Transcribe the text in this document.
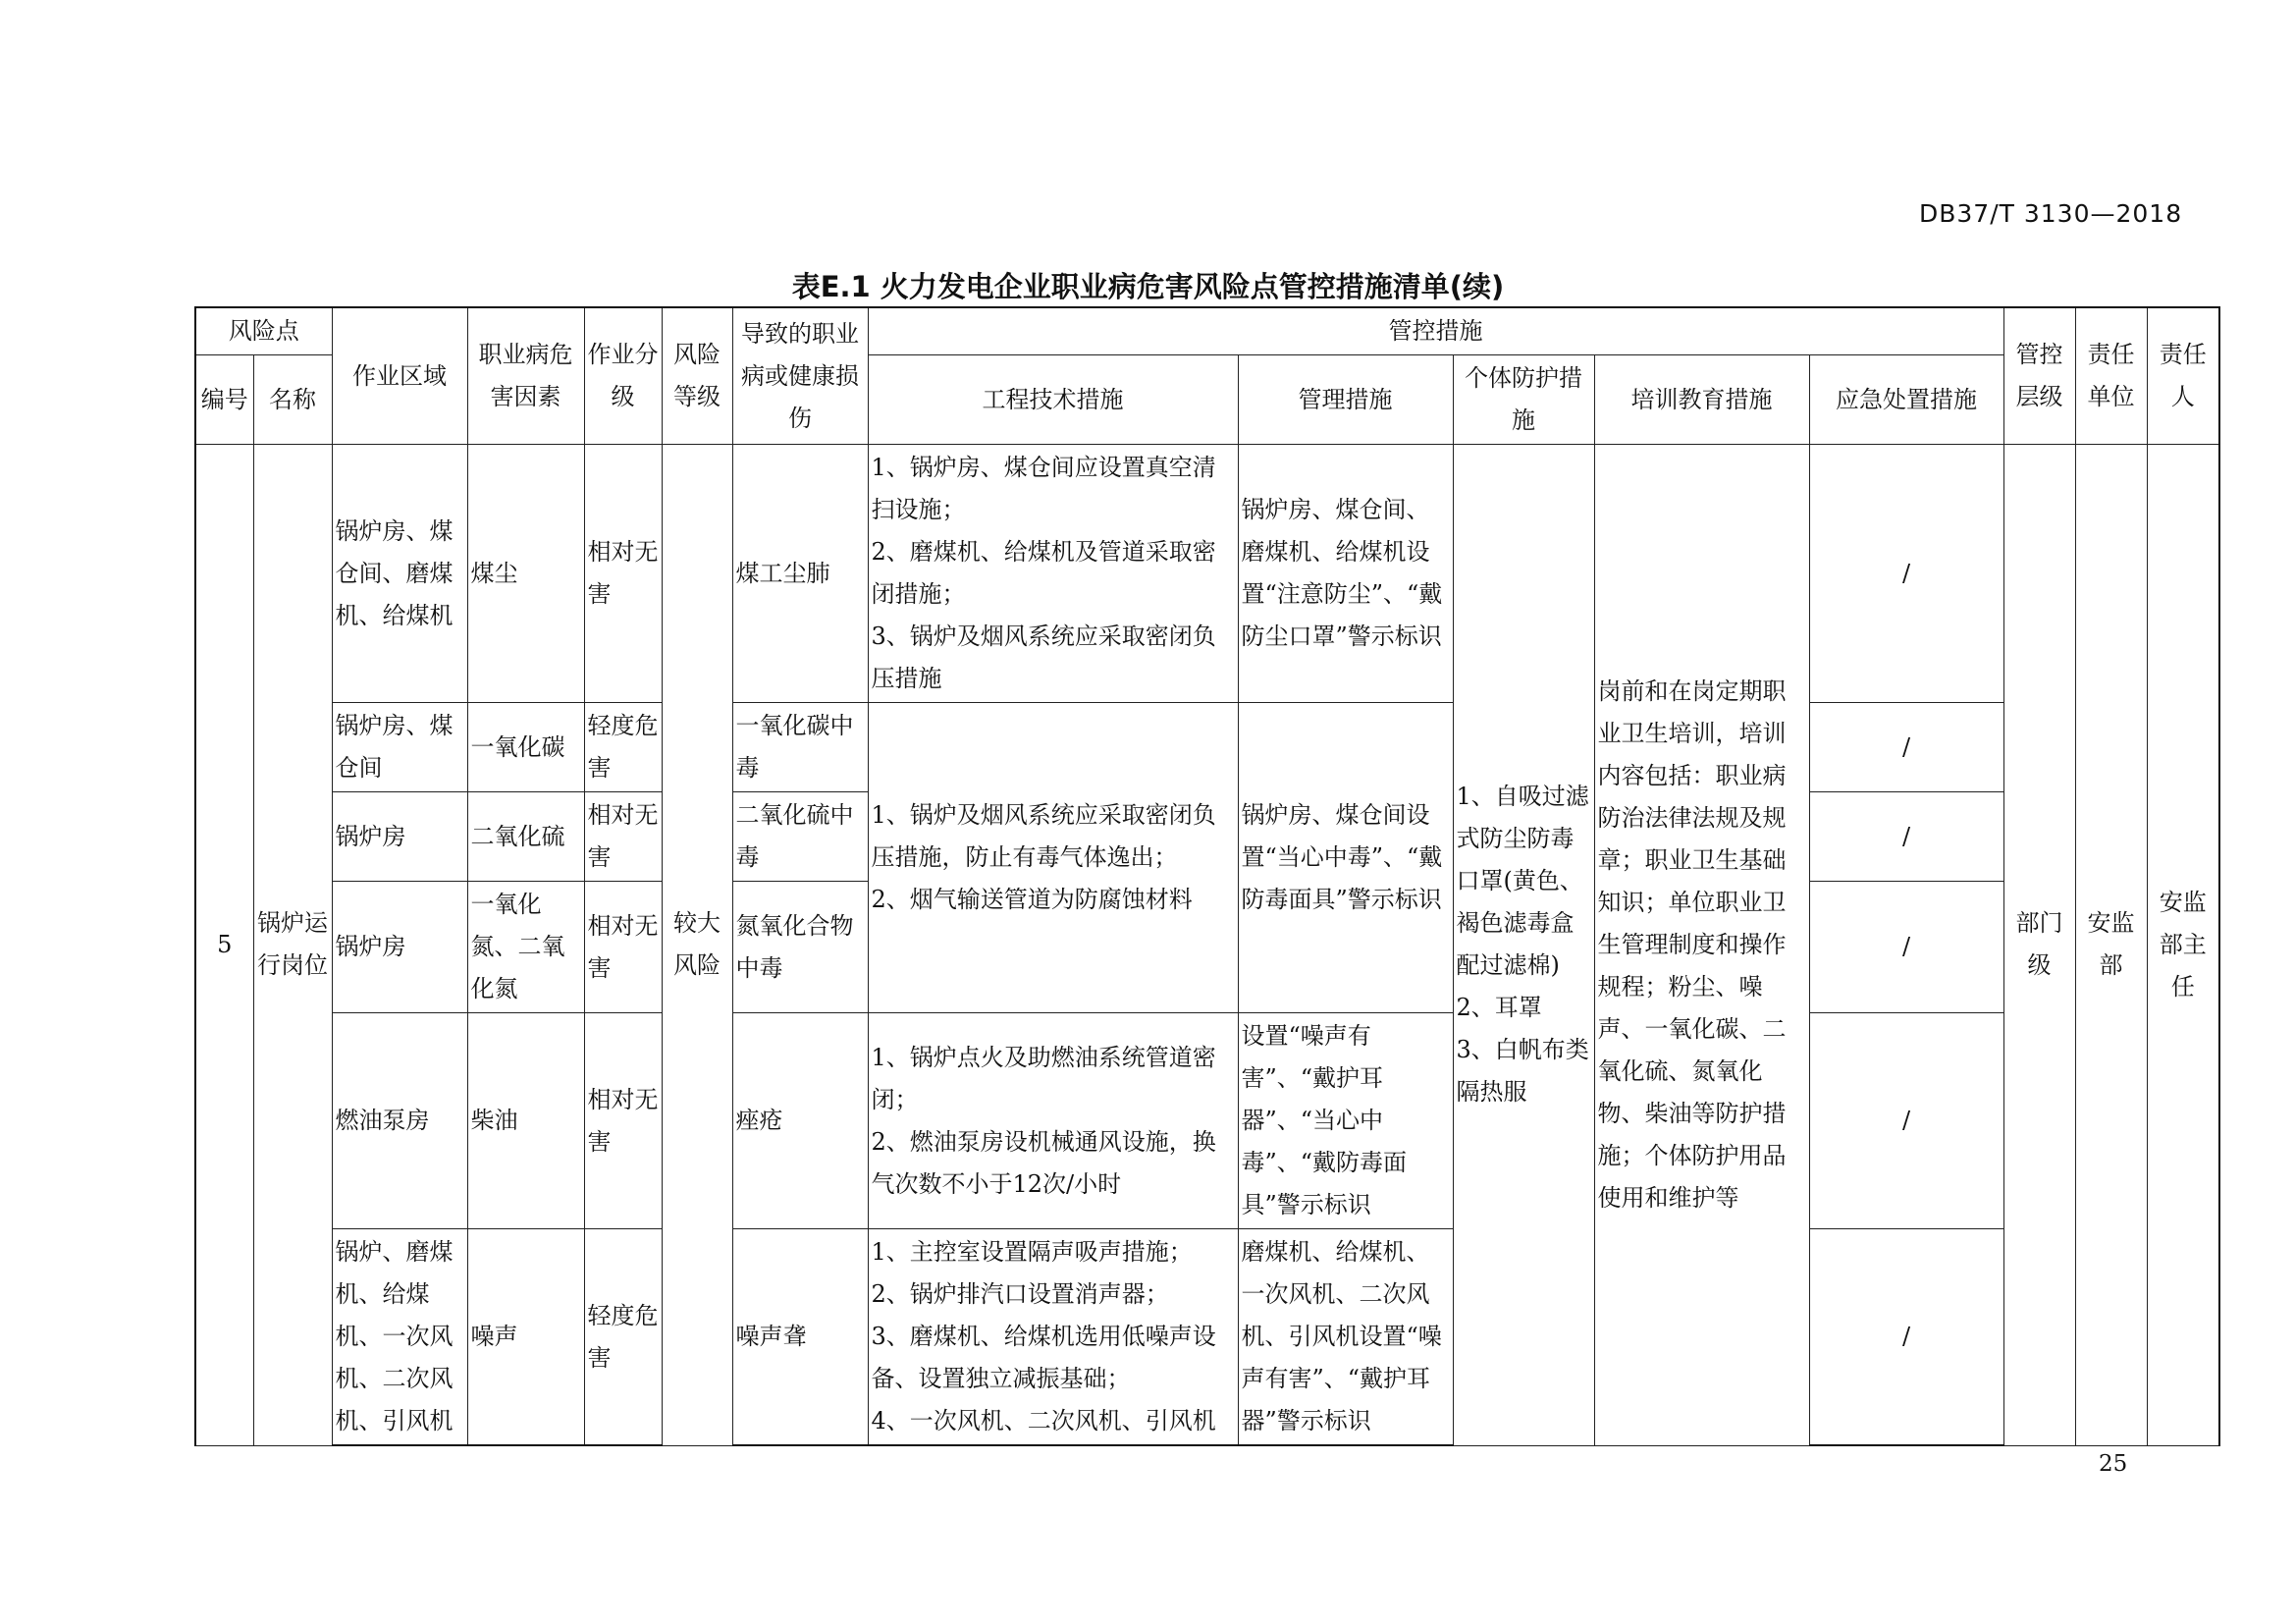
DB37/T 3130—2018
表E.1 火力发电企业职业病危害风险点管控措施清单(续)
风险点		作业区域	职业病危害因素	作业分级	风险等级	导致的职业病或健康损伤	管控措施					管控层级	责任单位	责任人
编号	名称						工程技术措施	管理措施	个体防护措施	培训教育措施	应急处置措施			
5	锅炉运行岗位	锅炉房、煤仓间、磨煤机、给煤机	煤尘	相对无害	较大风险	煤工尘肺	1、锅炉房、煤仓间应设置真空清扫设施；
2、磨煤机、给煤机及管道采取密闭措施；
3、锅炉及烟风系统应采取密闭负压措施	锅炉房、煤仓间、磨煤机、给煤机设置“注意防尘”、“戴防尘口罩”警示标识	1、自吸过滤式防尘防毒口罩(黄色、褐色滤毒盒配过滤棉)
2、耳罩
3、白帆布类隔热服	岗前和在岗定期职业卫生培训，培训内容包括：职业病防治法律法规及规章；职业卫生基础知识；单位职业卫生管理制度和操作规程；粉尘、噪声、一氧化碳、二氧化硫、氮氧化物、柴油等防护措施；个体防护用品使用和维护等	/	部门级	安监部	安监部主任
		锅炉房、煤仓间	一氧化碳	轻度危害		一氧化碳中毒	1、锅炉及烟风系统应采取密闭负压措施，防止有毒气体逸出；
2、烟气输送管道为防腐蚀材料	锅炉房、煤仓间设置“当心中毒”、“戴防毒面具”警示标识			/			
		锅炉房	二氧化硫	相对无害		二氧化硫中毒					/			
		锅炉房	一氧化氮、二氧化氮	相对无害		氮氧化合物中毒					/			
		燃油泵房	柴油	相对无害		痤疮	1、锅炉点火及助燃油系统管道密闭；
2、燃油泵房设机械通风设施，换气次数不小于12次/小时	设置“噪声有害”、“戴护耳器”、“当心中毒”、“戴防毒面具”警示标识			/			
		锅炉、磨煤机、给煤机、一次风机、二次风机、引风机	噪声	轻度危害		噪声聋	1、主控室设置隔声吸声措施；
2、锅炉排汽口设置消声器；
3、磨煤机、给煤机选用低噪声设备、设置独立减振基础；
4、一次风机、二次风机、引风机	磨煤机、给煤机、一次风机、二次风机、引风机设置“噪声有害”、“戴护耳器”警示标识			/			
25
